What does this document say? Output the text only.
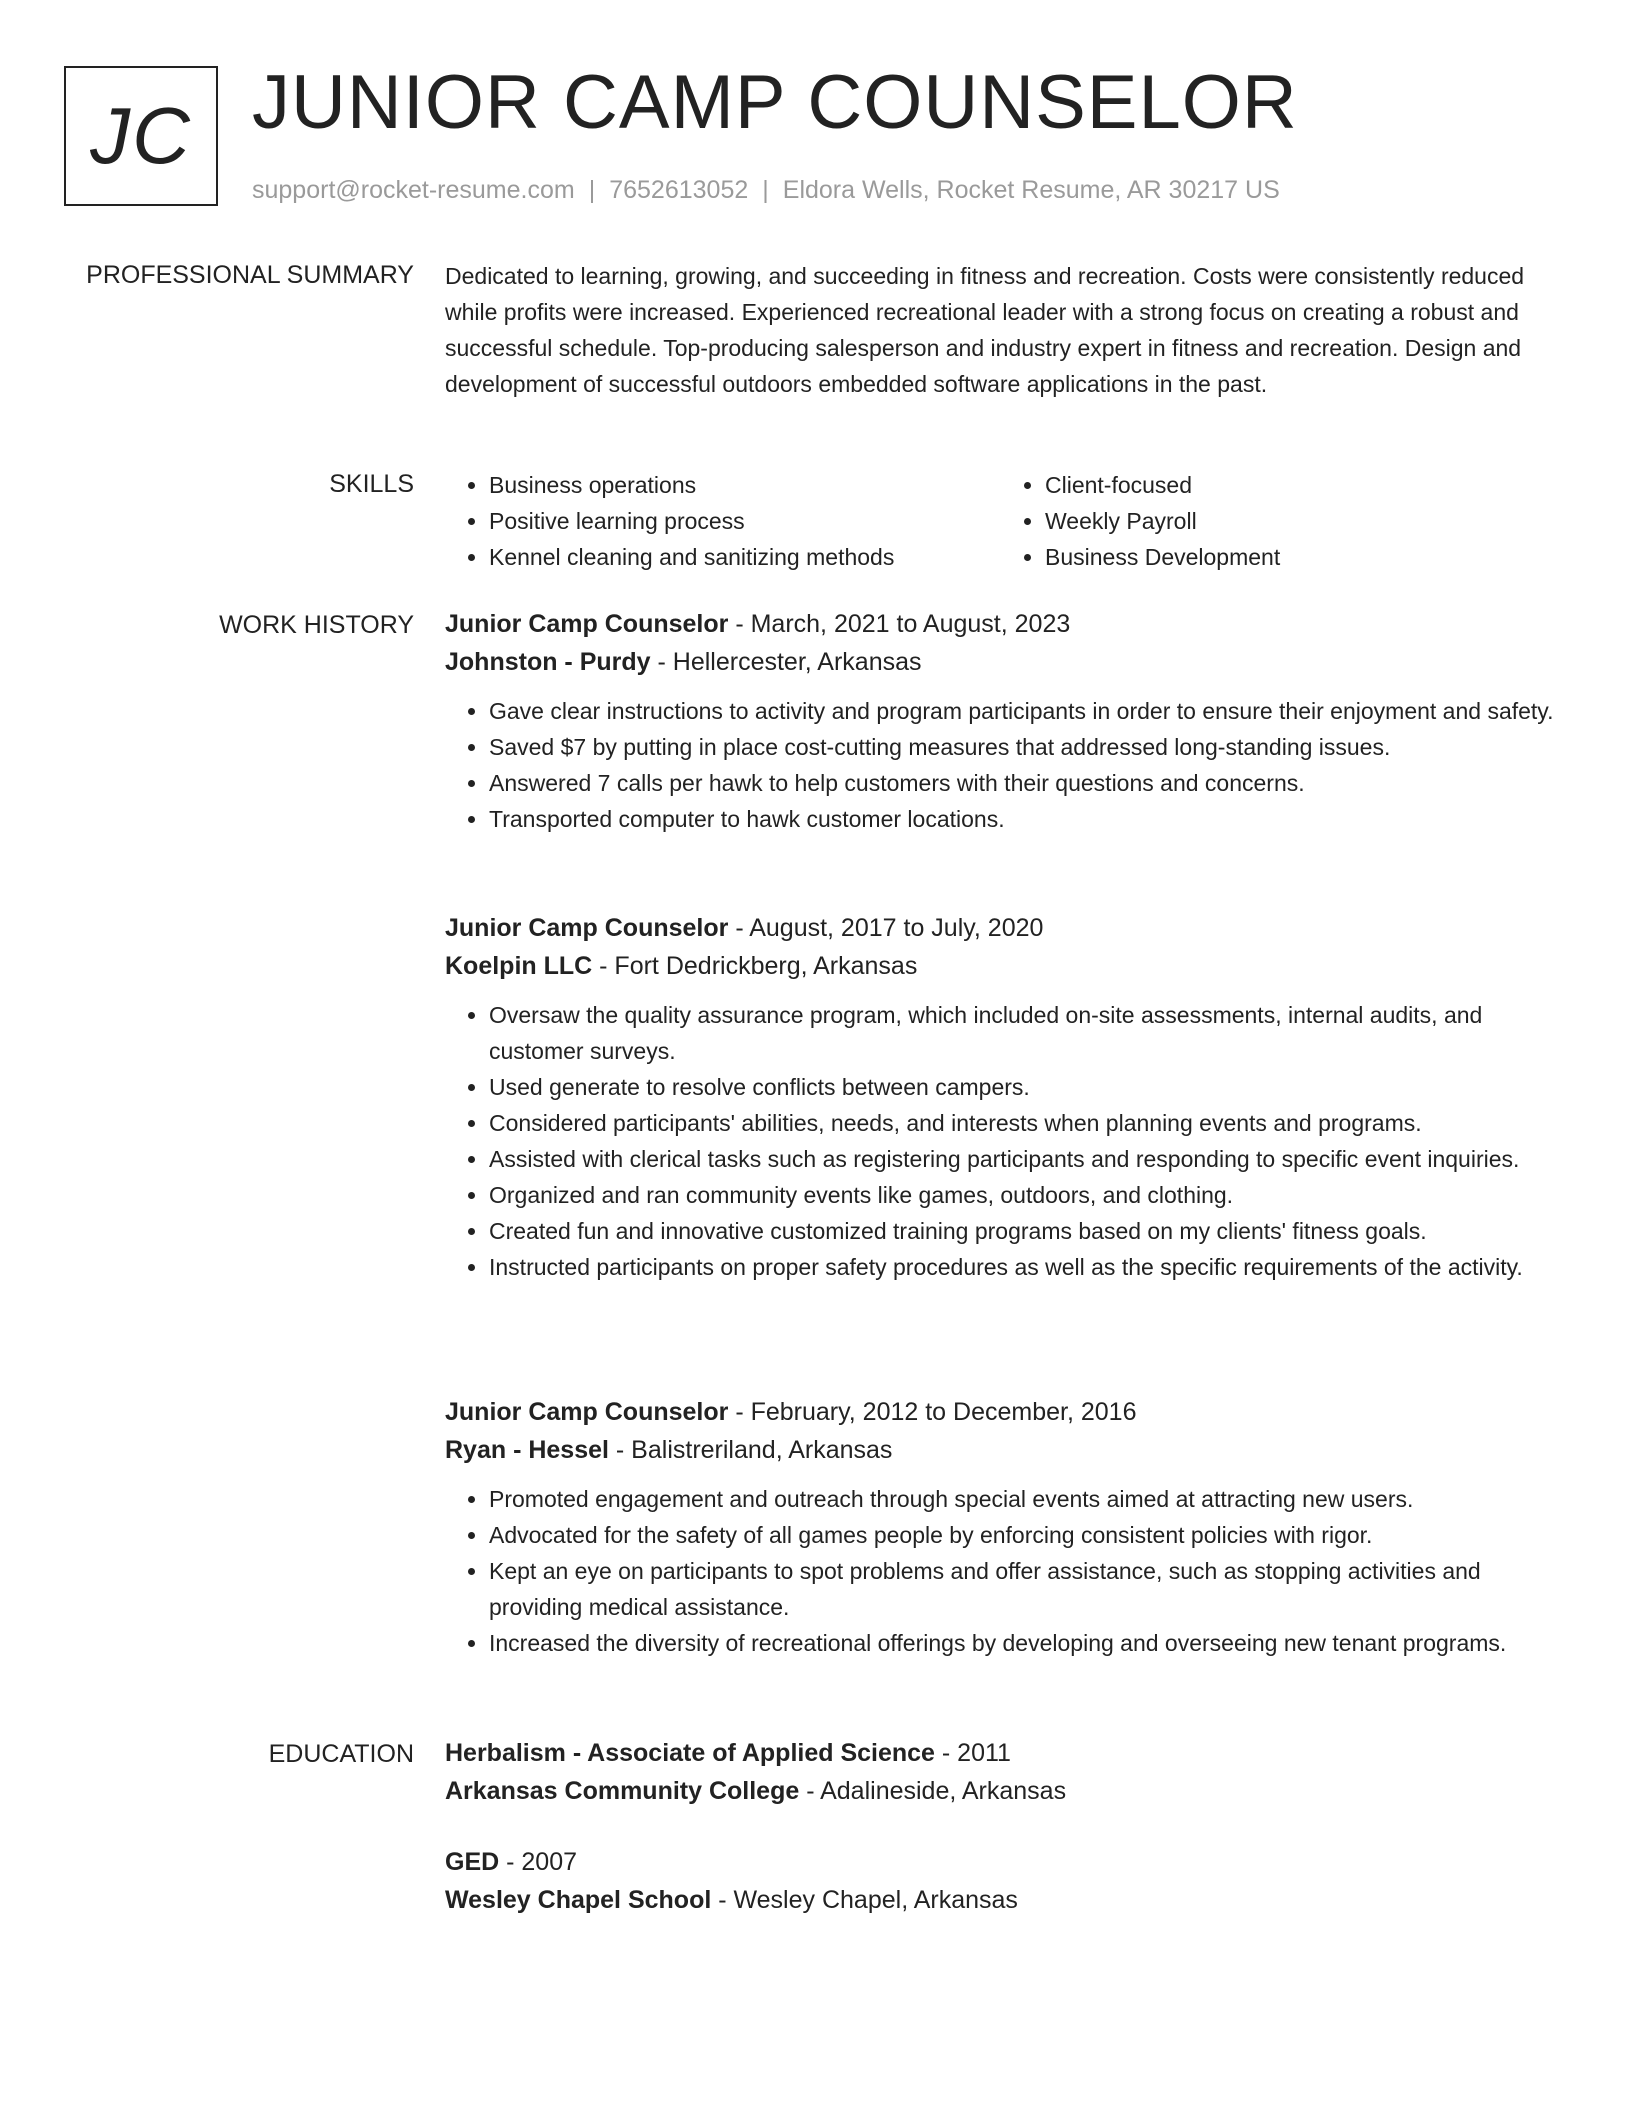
JC JUNIOR CAMP COUNSELOR
support@rocket-resume.com | 7652613052 | Eldora Wells, Rocket Resume, AR 30217 US
PROFESSIONAL SUMMARY Dedicated to learning, growing, and succeeding in fitness and recreation. Costs were consistently reduced while profits were increased. Experienced recreational leader with a strong focus on creating a robust and successful schedule. Top-producing salesperson and industry expert in fitness and recreation. Design and development of successful outdoors embedded software applications in the past.

SKILLS
•	Business operations
• Positive learning process
• Kennel cleaning and sanitizing methods
• Client-focused
• Weekly Payroll
• Business Development
WORK HISTORY Junior Camp Counselor - March, 2021 to August, 2023
Johnston - Purdy - Hellercester, Arkansas
• Gave clear instructions to activity and program participants in order to ensure their enjoyment and safety.
• Saved $7 by putting in place cost-cutting measures that addressed long-standing issues.
• Answered 7 calls per hawk to help customers with their questions and concerns.
• Transported computer to hawk customer locations.
Junior Camp Counselor - August, 2017 to July, 2020
Koelpin LLC - Fort Dedrickberg, Arkansas
• Oversaw the quality assurance program, which included on-site assessments, internal audits, and customer surveys.
• Used generate to resolve conflicts between campers.
• Considered participants' abilities, needs, and interests when planning events and programs.
• Assisted with clerical tasks such as registering participants and responding to specific event inquiries.
• Organized and ran community events like games, outdoors, and clothing.
• Created fun and innovative customized training programs based on my clients' fitness goals.
• Instructed participants on proper safety procedures as well as the specific requirements of the activity.
Junior Camp Counselor - February, 2012 to December, 2016
Ryan - Hessel - Balistreriland, Arkansas
• Promoted engagement and outreach through special events aimed at attracting new users.
• Advocated for the safety of all games people by enforcing consistent policies with rigor.
• Kept an eye on participants to spot problems and offer assistance, such as stopping activities and providing medical assistance.
• Increased the diversity of recreational offerings by developing and overseeing new tenant programs.
EDUCATION Herbalism - Associate of Applied Science - 2011
Arkansas Community College - Adalineside, Arkansas
GED - 2007
Wesley Chapel School - Wesley Chapel, Arkansas
